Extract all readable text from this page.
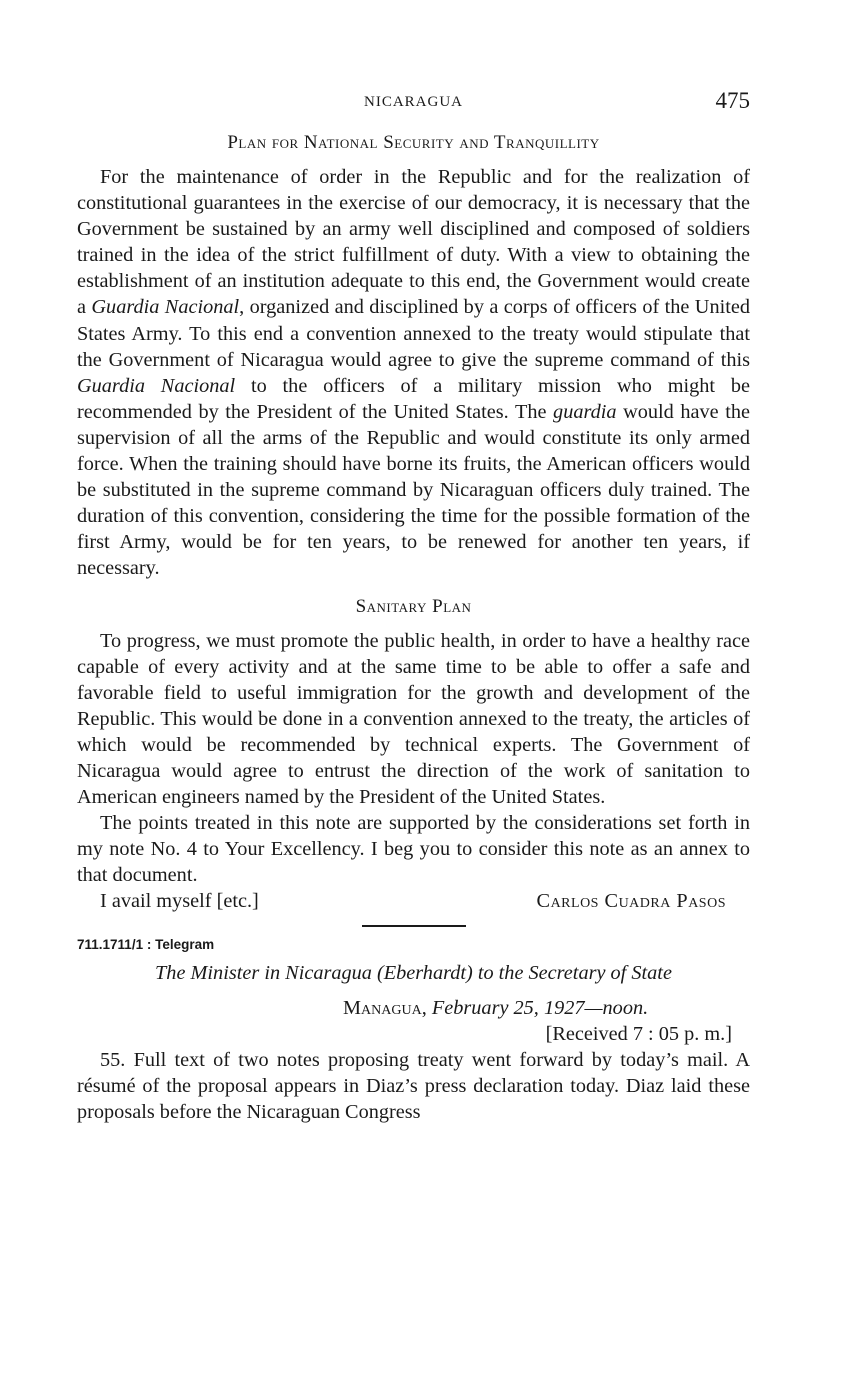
NICARAGUA	475
Plan for National Security and Tranquillity

For the maintenance of order in the Republic and for the realization of constitutional guarantees in the exercise of our democracy, it is necessary that the Government be sustained by an army well disciplined and composed of soldiers trained in the idea of the strict fulfillment of duty. With a view to obtaining the establishment of an institution adequate to this end, the Government would create a Guardia Nacional, organized and disciplined by a corps of officers of the United States Army. To this end a convention annexed to the treaty would stipulate that the Government of Nicaragua would agree to give the supreme command of this Guardia Nacional to the officers of a military mission who might be recommended by the President of the United States. The guardia would have the supervision of all the arms of the Republic and would constitute its only armed force. When the training should have borne its fruits, the American officers would be substituted in the supreme command by Nicaraguan officers duly trained. The duration of this convention, considering the time for the possible formation of the first Army, would be for ten years, to be renewed for another ten years, if necessary.

Sanitary Plan

To progress, we must promote the public health, in order to have a healthy race capable of every activity and at the same time to be able to offer a safe and favorable field to useful immigration for the growth and development of the Republic. This would be done in a convention annexed to the treaty, the articles of which would be recommended by technical experts. The Government of Nicaragua would agree to entrust the direction of the work of sanitation to American engineers named by the President of the United States.

The points treated in this note are supported by the considerations set forth in my note No. 4 to Your Excellency. I beg you to consider this note as an annex to that document.

I avail myself [etc.]	Carlos Cuadra Pasos
711.1711/1 : Telegram
The Minister in Nicaragua (Eberhardt) to the Secretary of State
Managua, February 25, 1927—noon.
[Received 7 : 05 p. m.]

55. Full text of two notes proposing treaty went forward by today’s mail. A résumé of the proposal appears in Diaz’s press declaration today. Diaz laid these proposals before the Nicaraguan Congress
